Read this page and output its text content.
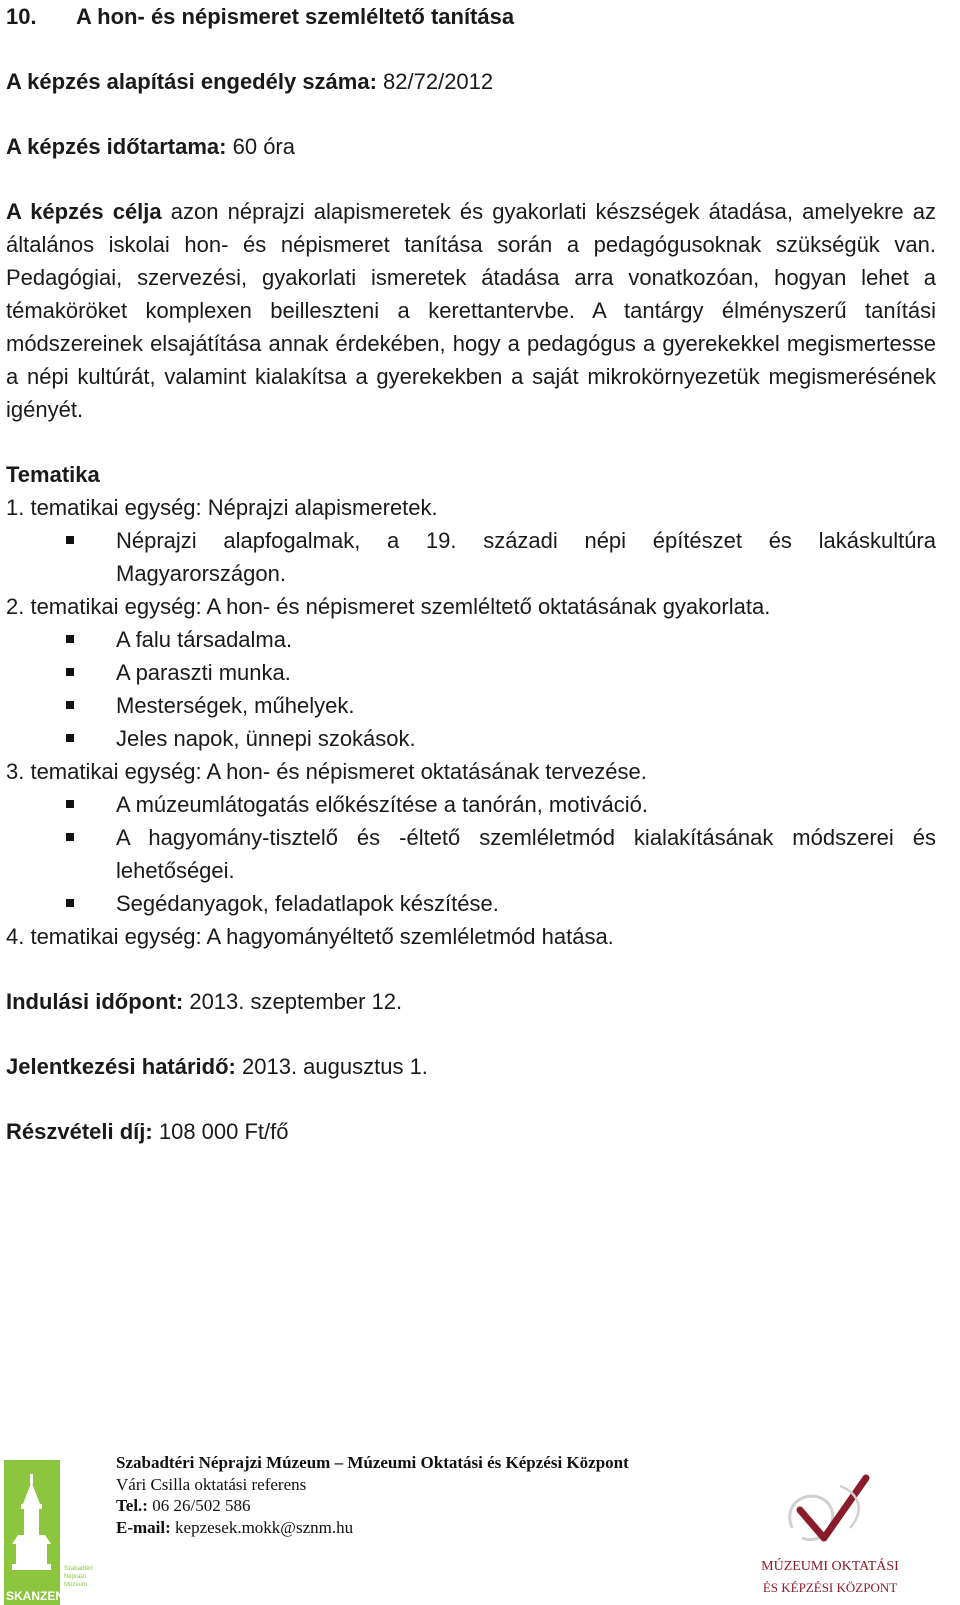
10. A hon- és népismeret szemléltető tanítása
A képzés alapítási engedély száma: 82/72/2012
A képzés időtartama: 60 óra
A képzés célja azon néprajzi alapismeretek és gyakorlati készségek átadása, amelyekre az általános iskolai hon- és népismeret tanítása során a pedagógusoknak szükségük van. Pedagógiai, szervezési, gyakorlati ismeretek átadása arra vonatkozóan, hogyan lehet a témaköröket komplexen beilleszteni a kerettantervbe. A tantárgy élményszerű tanítási módszereinek elsajátítása annak érdekében, hogy a pedagógus a gyerekekkel megismertesse a népi kultúrát, valamint kialakítsa a gyerekekben a saját mikrokörnyezetük megismerésének igényét.
Tematika
1. tematikai egység: Néprajzi alapismeretek.
Néprajzi alapfogalmak, a 19. századi népi építészet és lakáskultúra Magyarországon.
2. tematikai egység: A hon- és népismeret szemléltető oktatásának gyakorlata.
A falu társadalma.
A paraszti munka.
Mesterségek, műhelyek.
Jeles napok, ünnepi szokások.
3. tematikai egység: A hon- és népismeret oktatásának tervezése.
A múzeumlátogatás előkészítése a tanórán, motiváció.
A hagyomány-tisztelő és -éltető szemléletmód kialakításának módszerei és lehetőségei.
Segédanyagok, feladatlapok készítése.
4. tematikai egység: A hagyományéltető szemléletmód hatása.
Indulási időpont: 2013. szeptember 12.
Jelentkezési határidő: 2013. augusztus 1.
Részvételi díj: 108 000 Ft/fő
SKANZEN
Szabadtéri
Néprajzi
Múzeum
Szabadtéri Néprajzi Múzeum – Múzeumi Oktatási és Képzési Központ
Vári Csilla oktatási referens
Tel.: 06 26/502 586
E-mail: kepzesek.mokk@sznm.hu
MÚZEUMI OKTATÁSI
ÉS KÉPZÉSI KÖZPONT
